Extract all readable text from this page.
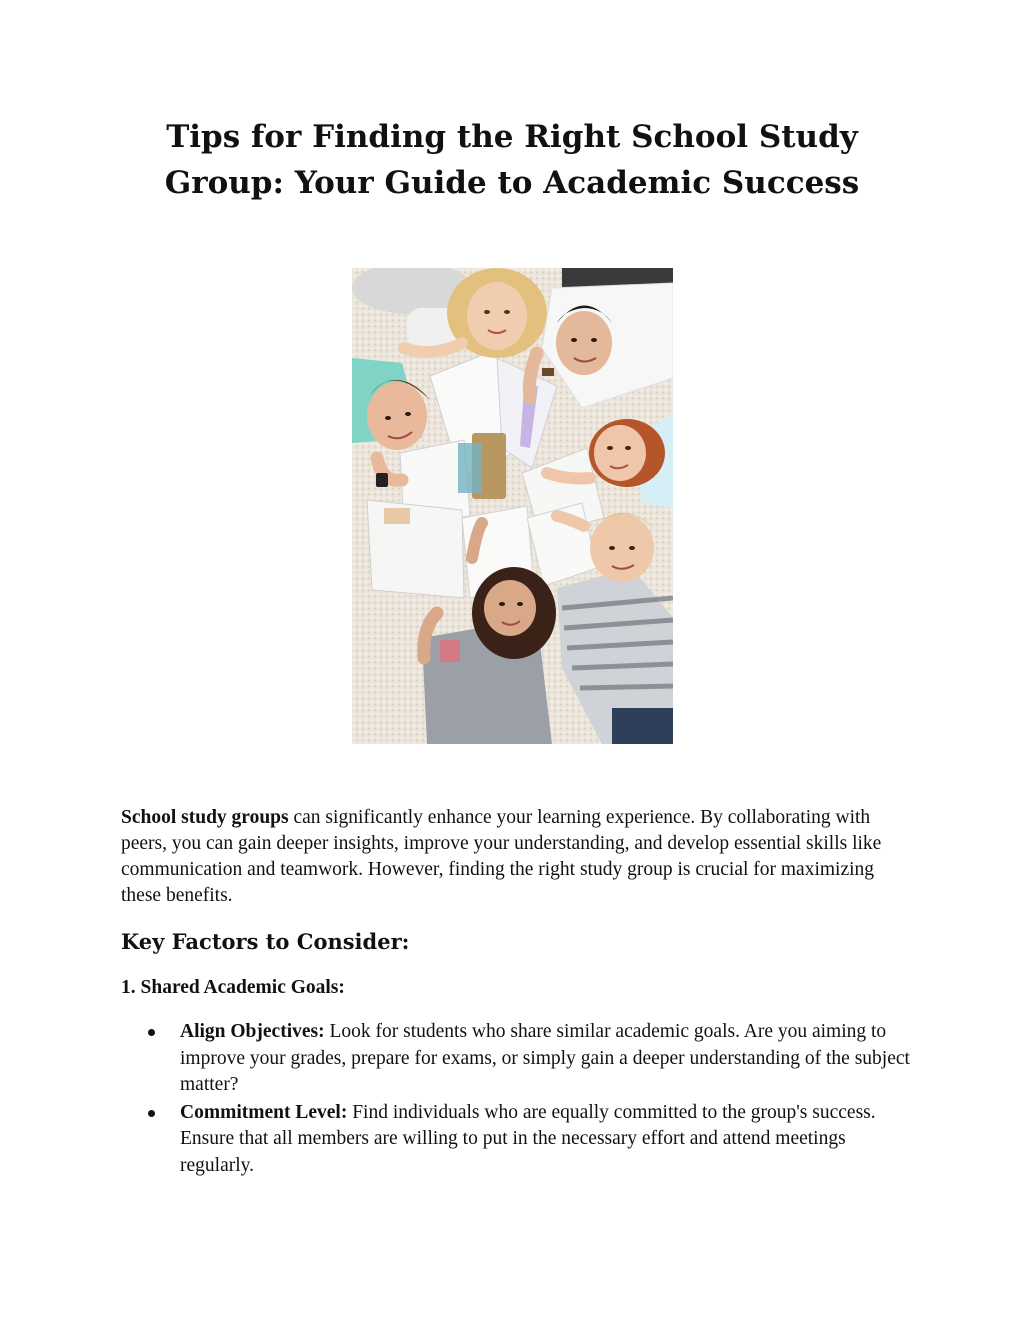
Tips for Finding the Right School Study
Group: Your Guide to Academic Success

School study groups can significantly enhance your learning experience. By collaborating with peers, you can gain deeper insights, improve your understanding, and develop essential skills like communication and teamwork. However, finding the right study group is crucial for maximizing these benefits.

Key Factors to Consider:
1. Shared Academic Goals:
Align Objectives: Look for students who share similar academic goals. Are you aiming to improve your grades, prepare for exams, or simply gain a deeper understanding of the subject matter?
Commitment Level: Find individuals who are equally committed to the group's success. Ensure that all members are willing to put in the necessary effort and attend meetings regularly.
